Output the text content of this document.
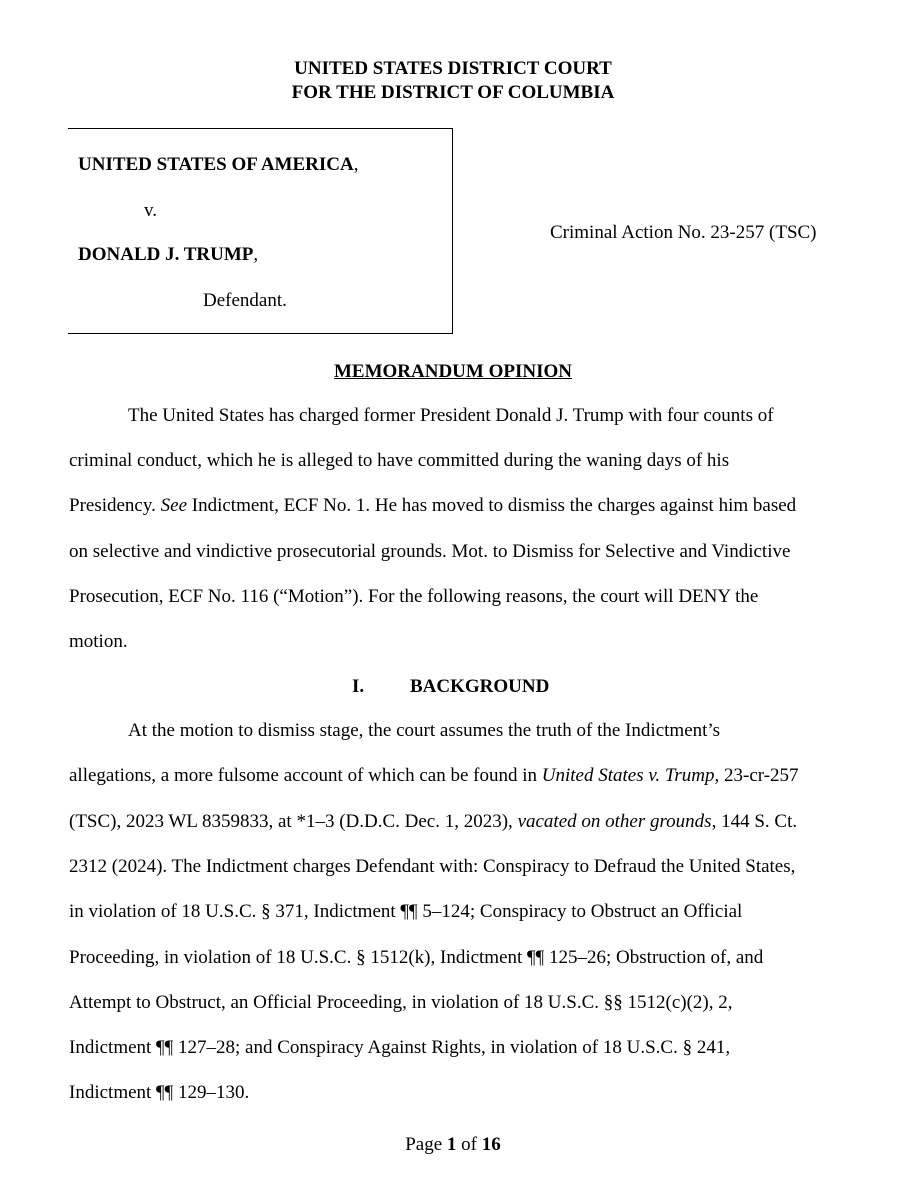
UNITED STATES DISTRICT COURT
FOR THE DISTRICT OF COLUMBIA
UNITED STATES OF AMERICA,
v.
DONALD J. TRUMP,
Defendant.
Criminal Action No. 23-257 (TSC)
MEMORANDUM OPINION
The United States has charged former President Donald J. Trump with four counts of
criminal conduct, which he is alleged to have committed during the waning days of his
Presidency. See Indictment, ECF No. 1. He has moved to dismiss the charges against him based
on selective and vindictive prosecutorial grounds. Mot. to Dismiss for Selective and Vindictive
Prosecution, ECF No. 116 (“Motion”). For the following reasons, the court will DENY the
motion.
I. BACKGROUND
At the motion to dismiss stage, the court assumes the truth of the Indictment’s
allegations, a more fulsome account of which can be found in United States v. Trump, 23-cr-257
(TSC), 2023 WL 8359833, at *1–3 (D.D.C. Dec. 1, 2023), vacated on other grounds, 144 S. Ct.
2312 (2024). The Indictment charges Defendant with: Conspiracy to Defraud the United States,
in violation of 18 U.S.C. § 371, Indictment ¶¶ 5–124; Conspiracy to Obstruct an Official
Proceeding, in violation of 18 U.S.C. § 1512(k), Indictment ¶¶ 125–26; Obstruction of, and
Attempt to Obstruct, an Official Proceeding, in violation of 18 U.S.C. §§ 1512(c)(2), 2,
Indictment ¶¶ 127–28; and Conspiracy Against Rights, in violation of 18 U.S.C. § 241,
Indictment ¶¶ 129–130.
Page 1 of 16
